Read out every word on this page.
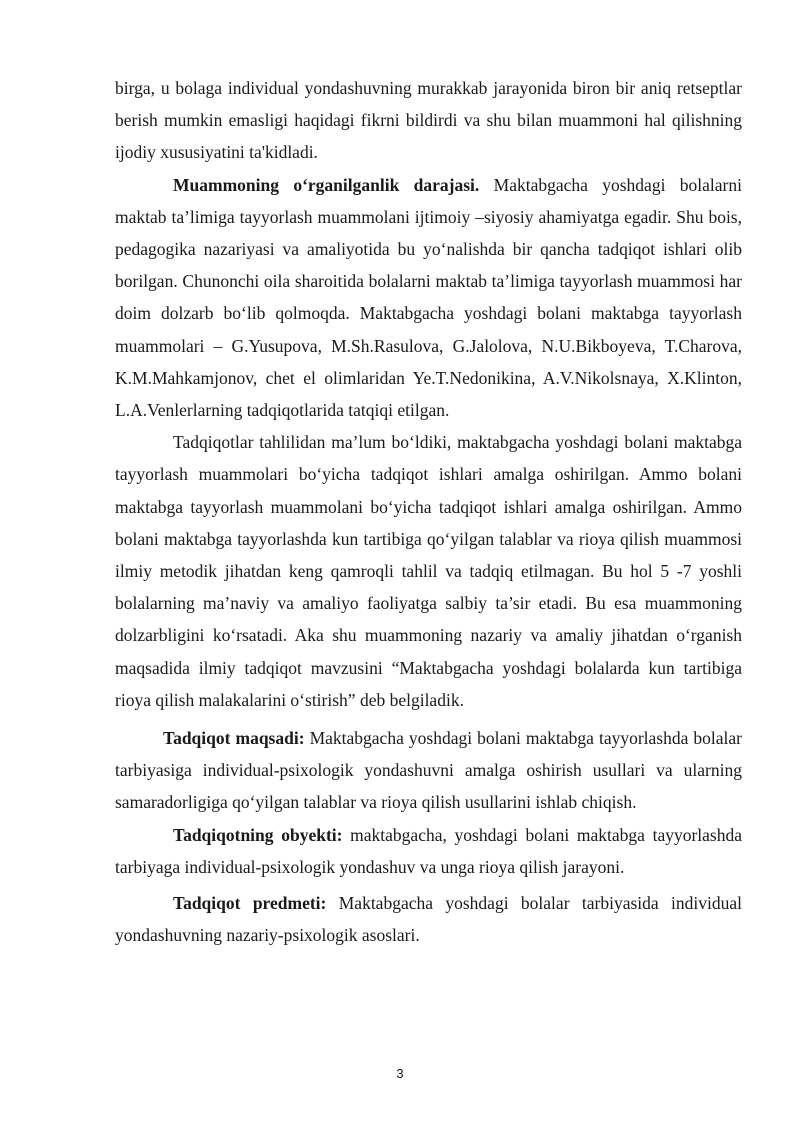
birga, u bolaga individual yondashuvning murakkab jarayonida biron bir aniq retseptlar berish mumkin emasligi haqidagi fikrni bildirdi va shu bilan muammoni hal qilishning ijodiy xususiyatini ta'kidladi.

Muammoning o‘rganilganlik darajasi. Maktabgacha yoshdagi bolalarni maktab ta’limiga tayyorlash muammolani ijtimoiy –siyosiy ahamiyatga egadir. Shu bois, pedagogika nazariyasi va amaliyotida bu yo‘nalishda bir qancha tadqiqot ishlari olib borilgan. Chunonchi oila sharoitida bolalarni maktab ta’limiga tayyorlash muammosi har doim dolzarb bo‘lib qolmoqda. Maktabgacha yoshdagi bolani maktabga tayyorlash muammolari – G.Yusupova, M.Sh.Rasulova, G.Jalolova, N.U.Bikboyeva, T.Charova, K.M.Mahkamjonov, chet el olimlaridan Ye.T.Nedonikina, A.V.Nikolsnaya, X.Klinton, L.A.Venlerlarning tadqiqotlarida tatqiqi etilgan.

Tadqiqotlar tahlilidan ma’lum bo‘ldiki, maktabgacha yoshdagi bolani maktabga tayyorlash muammolari bo‘yicha tadqiqot ishlari amalga oshirilgan. Ammo bolani maktabga tayyorlash muammolani bo‘yicha tadqiqot ishlari amalga oshirilgan. Ammo bolani maktabga tayyorlashda kun tartibiga qo‘yilgan talablar va rioya qilish muammosi ilmiy metodik jihatdan keng qamroqli tahlil va tadqiq etilmagan. Bu hol 5 -7 yoshli bolalarning ma’naviy va amaliyo faoliyatga salbiy ta’sir etadi. Bu esa muammoning dolzarbligini ko‘rsatadi. Aka shu muammoning nazariy va amaliy jihatdan o‘rganish maqsadida ilmiy tadqiqot mavzusini “Maktabgacha yoshdagi bolalarda kun tartibiga rioya qilish malakalarini o‘stirish” deb belgiladik.

Tadqiqot maqsadi: Maktabgacha yoshdagi bolani maktabga tayyorlashda bolalar tarbiyasiga individual-psixologik yondashuvni amalga oshirish usullari va ularning samaradorligiga qo‘yilgan talablar va rioya qilish usullarini ishlab chiqish.

Tadqiqotning obyekti: maktabgacha, yoshdagi bolani maktabga tayyorlashda tarbiyaga individual-psixologik yondashuv va unga rioya qilish jarayoni.

Tadqiqot predmeti: Maktabgacha yoshdagi bolalar tarbiyasida individual yondashuvning nazariy-psixologik asoslari.

3
